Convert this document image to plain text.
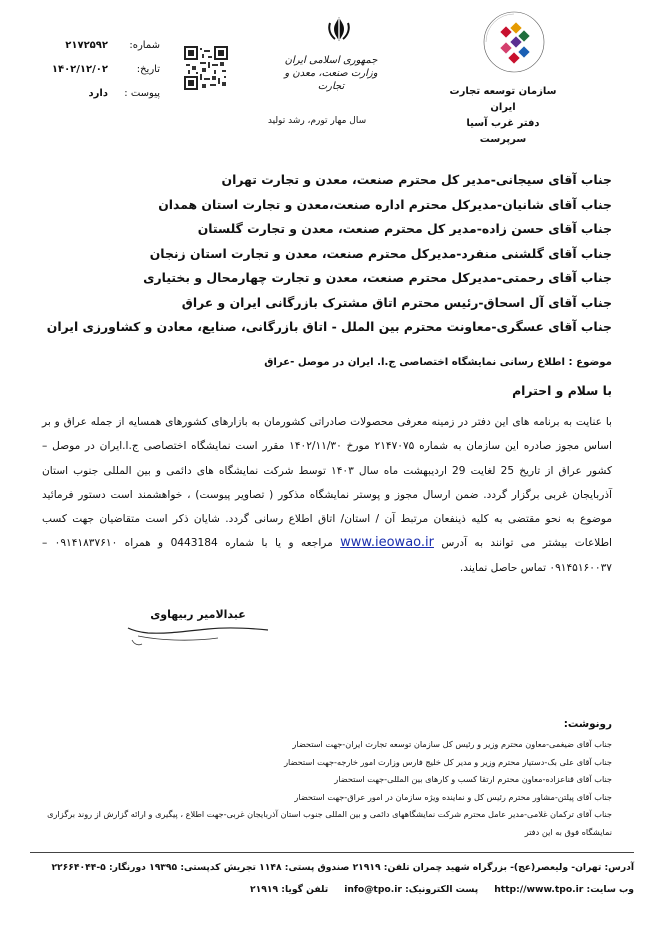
سازمان توسعه تجارت ایران
دفتر غرب آسیا
سرپرست
جمهوری اسلامی ایران
وزارت صنعت، معدن و تجارت
سال مهار تورم، رشد تولید
شماره:
۲۱۷۲۵۹۲
تاریخ:
۱۴۰۲/۱۲/۰۲
پیوست :
دارد
جناب آقای سیجانی-مدیر کل محترم صنعت، معدن و تجارت تهران
جناب آقای شانیان-مدیرکل محترم اداره صنعت،معدن و تجارت استان همدان
جناب آقای حسن زاده-مدیر کل محترم صنعت، معدن و تجارت گلستان
جناب آقای گلشنی منفرد-مدیرکل محترم صنعت، معدن و تجارت استان زنجان
جناب آقای رحمتی-مدیرکل محترم صنعت، معدن و تجارت چهارمحال و بختیاری
جناب آقای آل اسحاق-رئیس محترم اتاق مشترک بازرگانی ایران و عراق
جناب آقای عسگری-معاونت محترم بین الملل - اتاق بازرگانی، صنایع، معادن و کشاورزی ایران
موضوع : اطلاع رسانی نمایشگاه اختصاصی ج.ا. ایران در موصل -عراق
با سلام و احترام
با عنایت به برنامه های این دفتر در زمینه معرفی محصولات صادراتی کشورمان به بازارهای کشورهای همسایه از جمله عراق و بر اساس مجوز صادره این سازمان به شماره ۲۱۴۷۰۷۵ مورخ ۱۴۰۲/۱۱/۳۰ مقرر است نمایشگاه اختصاصی ج.ا.ایران در موصل –کشور عراق از تاریخ 25 لغایت 29 اردیبهشت ماه سال ۱۴۰۳ توسط شرکت نمایشگاه های دائمی و بین المللی جنوب استان آذربایجان غربی برگزار گردد. ضمن ارسال مجوز و پوستر نمایشگاه مذکور ( تصاویر پیوست) ، خواهشمند است دستور فرمائید موضوع به نحو مقتضی به کلیه ذینفعان مرتبط آن / استان/ اتاق اطلاع رسانی گردد. شایان ذکر است متقاضیان جهت کسب اطلاعات بیشتر می توانند به آدرس www.ieowao.ir مراجعه و یا با شماره 0443184 و همراه ۰۹۱۴۱۸۳۷۶۱۰ – ۰۹۱۴۵۱۶۰۰۳۷ تماس حاصل نمایند.
عبدالامیر ربیهاوی
رونوشت:
جناب آقای ضیغمی-معاون محترم وزیر و رئیس کل سازمان توسعه تجارت ایران-جهت استحضار
جناب آقای علی بک-دستیار محترم وزیر و مدیر کل خلیج فارس وزارت امور خارجه-جهت استحضار
جناب آقای قناعزاده-معاون محترم ارتقا کسب و کارهای بین المللی-جهت استحضار
جناب آقای پیلتن-مشاور محترم رئیس کل و نماینده ویژه سازمان در امور عراق-جهت استحضار
جناب آقای ترکمان غلامی-مدیر عامل محترم شرکت نمایشگاههای دائمی و بین المللی جنوب استان آذربایجان غربی-جهت اطلاع ، پیگیری و ارائه گزارش از روند برگزاری نمایشگاه فوق به این دفتر
آدرس: تهران- ولیعصر(عج)- بزرگراه شهید چمران تلفن: ۲۱۹۱۹ صندوق پستی: ۱۱۴۸ تجریش کدپستی: ۱۹۳۹۵ دورنگار: ۵-۲۲۶۶۴۰۴۴
وب سایت: http://www.tpo.ir     پست الکترونیک: info@tpo.ir     تلفن گویا: ۲۱۹۱۹
